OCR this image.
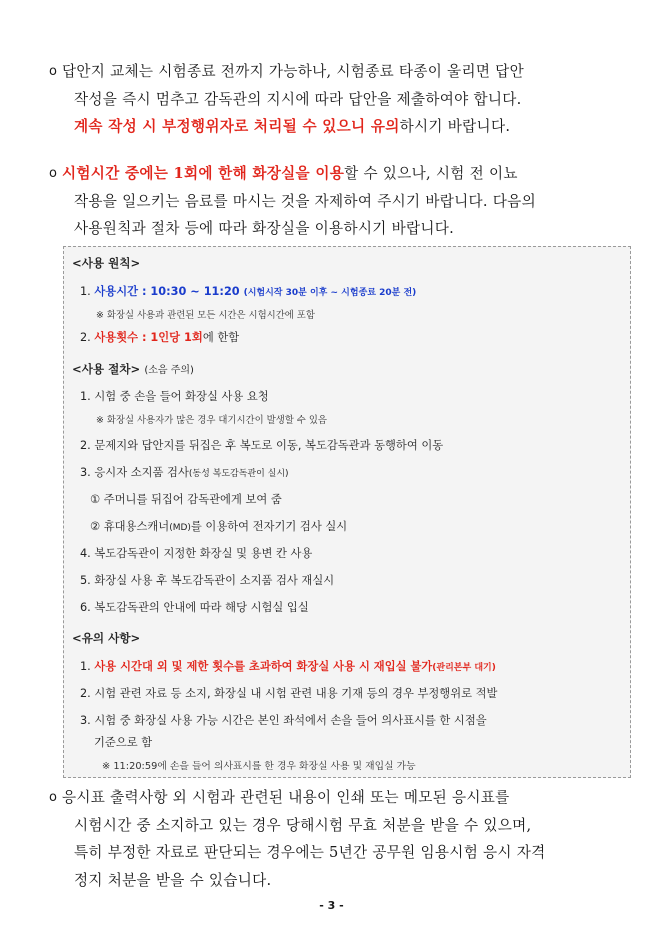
o 답안지 교체는 시험종료 전까지 가능하나, 시험종료 타종이 울리면 답안
작성을 즉시 멈추고 감독관의 지시에 따라 답안을 제출하여야 합니다.
계속 작성 시 부정행위자로 처리될 수 있으니 유의하시기 바랍니다.
o 시험시간 중에는 1회에 한해 화장실을 이용할 수 있으나, 시험 전 이뇨
작용을 일으키는 음료를 마시는 것을 자제하여 주시기 바랍니다. 다음의
사용원칙과 절차 등에 따라 화장실을 이용하시기 바랍니다.
<사용 원칙>
1. 사용시간 : 10:30 ~ 11:20 (시험시작 30분 이후 ~ 시험종료 20분 전)
※ 화장실 사용과 관련된 모든 시간은 시험시간에 포함
2. 사용횟수 : 1인당 1회에 한함
<사용 절차> (소음 주의)
1. 시험 중 손을 들어 화장실 사용 요청
※ 화장실 사용자가 많은 경우 대기시간이 발생할 수 있음
2. 문제지와 답안지를 뒤집은 후 복도로 이동, 복도감독관과 동행하여 이동
3. 응시자 소지품 검사(동성 복도감독관이 실시)
① 주머니를 뒤집어 감독관에게 보여 줌
② 휴대용스캐너(MD)를 이용하여 전자기기 검사 실시
4. 복도감독관이 지정한 화장실 및 용변 칸 사용
5. 화장실 사용 후 복도감독관이 소지품 검사 재실시
6. 복도감독관의 안내에 따라 해당 시험실 입실
<유의 사항>
1. 사용 시간대 외 및 제한 횟수를 초과하여 화장실 사용 시 재입실 불가(관리본부 대기)
2. 시험 관련 자료 등 소지, 화장실 내 시험 관련 내용 기재 등의 경우 부정행위로 적발
3. 시험 중 화장실 사용 가능 시간은 본인 좌석에서 손을 들어 의사표시를 한 시점을
기준으로 함
※ 11:20:59에 손을 들어 의사표시를 한 경우 화장실 사용 및 재입실 가능
o 응시표 출력사항 외 시험과 관련된 내용이 인쇄 또는 메모된 응시표를
시험시간 중 소지하고 있는 경우 당해시험 무효 처분을 받을 수 있으며,
특히 부정한 자료로 판단되는 경우에는 5년간 공무원 임용시험 응시 자격
정지 처분을 받을 수 있습니다.
- 3 -
